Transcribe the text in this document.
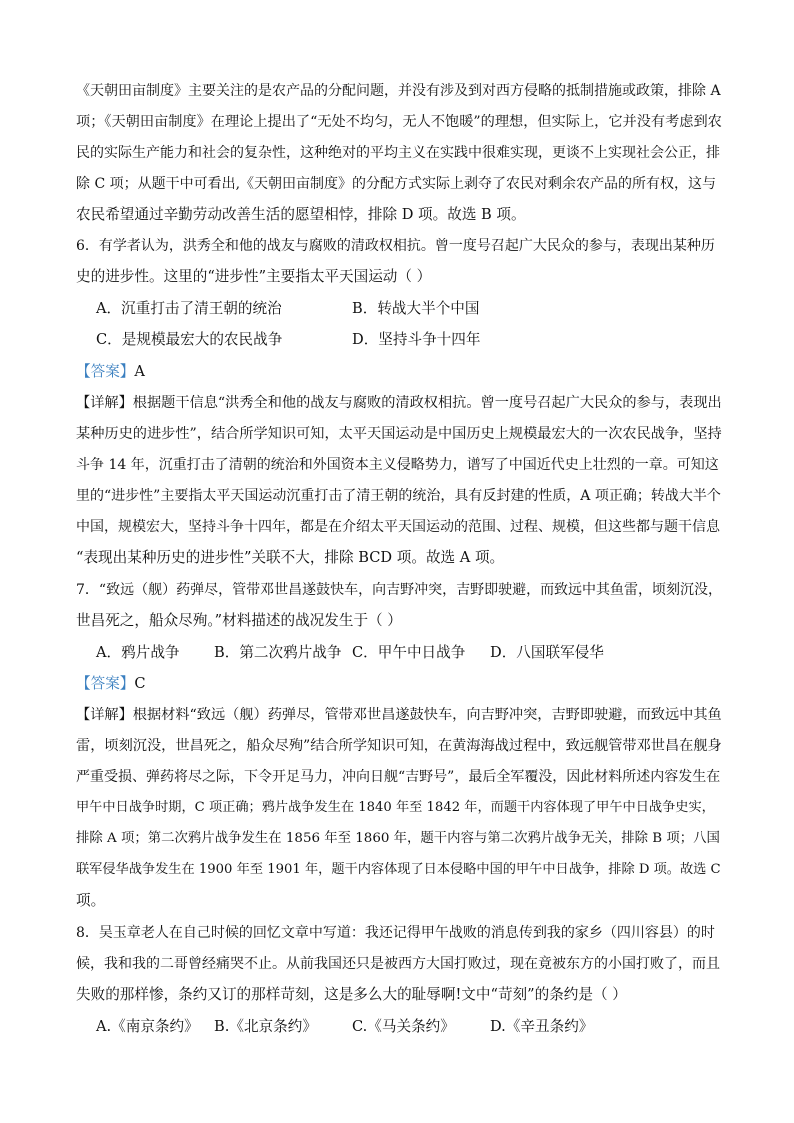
《天朝田亩制度》主要关注的是农产品的分配问题，并没有涉及到对西方侵略的抵制措施或政策，排除 A
项；《天朝田亩制度》在理论上提出了“无处不均匀，无人不饱暖”的理想，但实际上，它并没有考虑到农
民的实际生产能力和社会的复杂性，这种绝对的平均主义在实践中很难实现，更谈不上实现社会公正，排
除 C 项；从题干中可看出,《天朝田亩制度》的分配方式实际上剥夺了农民对剩余农产品的所有权，这与
农民希望通过辛勤劳动改善生活的愿望相悖，排除 D 项。故选 B 项。
6．有学者认为，洪秀全和他的战友与腐败的清政权相抗。曾一度号召起广大民众的参与，表现出某种历
史的进步性。这里的“进步性”主要指太平天国运动（ ）
A．沉重打击了清王朝的统治	B．转战大半个中国
C．是规模最宏大的农民战争	D．坚持斗争十四年
【答案】A
【详解】根据题干信息“洪秀全和他的战友与腐败的清政权相抗。曾一度号召起广大民众的参与，表现出
某种历史的进步性”，结合所学知识可知，太平天国运动是中国历史上规模最宏大的一次农民战争，坚持
斗争 14 年，沉重打击了清朝的统治和外国资本主义侵略势力，谱写了中国近代史上壮烈的一章。可知这
里的“进步性”主要指太平天国运动沉重打击了清王朝的统治，具有反封建的性质，A 项正确；转战大半个
中国，规模宏大，坚持斗争十四年，都是在介绍太平天国运动的范围、过程、规模，但这些都与题干信息
“表现出某种历史的进步性”关联不大，排除 BCD 项。故选 A 项。
7．“致远（舰）药弹尽，管带邓世昌遂鼓快车，向吉野冲突，吉野即驶避，而致远中其鱼雷，顷刻沉没，
世昌死之，船众尽殉。”材料描述的战况发生于（ ）
A．鸦片战争 B．第二次鸦片战争 C．甲午中日战争 D．八国联军侵华
【答案】C
【详解】根据材料“致远（舰）药弹尽，管带邓世昌遂鼓快车，向吉野冲突，吉野即驶避，而致远中其鱼
雷，顷刻沉没，世昌死之，船众尽殉”结合所学知识可知，在黄海海战过程中，致远舰管带邓世昌在舰身
严重受损、弹药将尽之际，下令开足马力，冲向日舰“吉野号”，最后全军覆没，因此材料所述内容发生在
甲午中日战争时期，C 项正确；鸦片战争发生在 1840 年至 1842 年，而题干内容体现了甲午中日战争史实，
排除 A 项；第二次鸦片战争发生在 1856 年至 1860 年，题干内容与第二次鸦片战争无关，排除 B 项；八国
联军侵华战争发生在 1900 年至 1901 年，题干内容体现了日本侵略中国的甲午中日战争，排除 D 项。故选 C
项。
8．吴玉章老人在自己时候的回忆文章中写道：我还记得甲午战败的消息传到我的家乡（四川容县）的时
候，我和我的二哥曾经痛哭不止。从前我国还只是被西方大国打败过，现在竟被东方的小国打败了，而且
失败的那样惨，条约又订的那样苛刻，这是多么大的耻辱啊!文中“苛刻”的条约是（ ）
A.《南京条约》 B.《北京条约》 C.《马关条约》 D.《辛丑条约》
